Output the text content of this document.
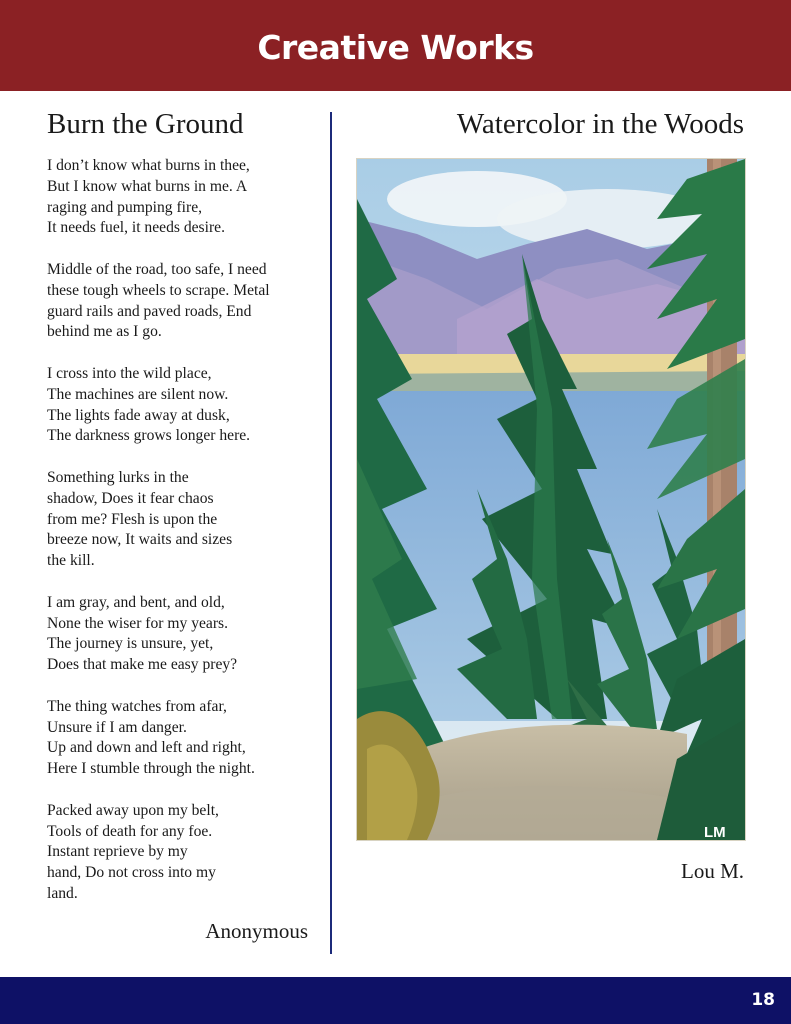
Creative Works
Burn the Ground
I don’t know what burns in thee,
But I know what burns in me. A
raging and pumping fire,
It needs fuel, it needs desire.
Middle of the road, too safe, I need
these tough wheels to scrape. Metal
guard rails and paved roads, End
behind me as I go.
I cross into the wild place,
The machines are silent now.
The lights fade away at dusk,
The darkness grows longer here.
Something lurks in the
shadow, Does it fear chaos
from me? Flesh is upon the
breeze now, It waits and sizes
the kill.
I am gray, and bent, and old,
None the wiser for my years.
The journey is unsure, yet,
Does that make me easy prey?
The thing watches from afar,
Unsure if I am danger.
Up and down and left and right,
Here I stumble through the night.
Packed away upon my belt,
Tools of death for any foe.
Instant reprieve by my
hand, Do not cross into my
land.
Anonymous
Watercolor in the Woods
LM
Lou M.
18
